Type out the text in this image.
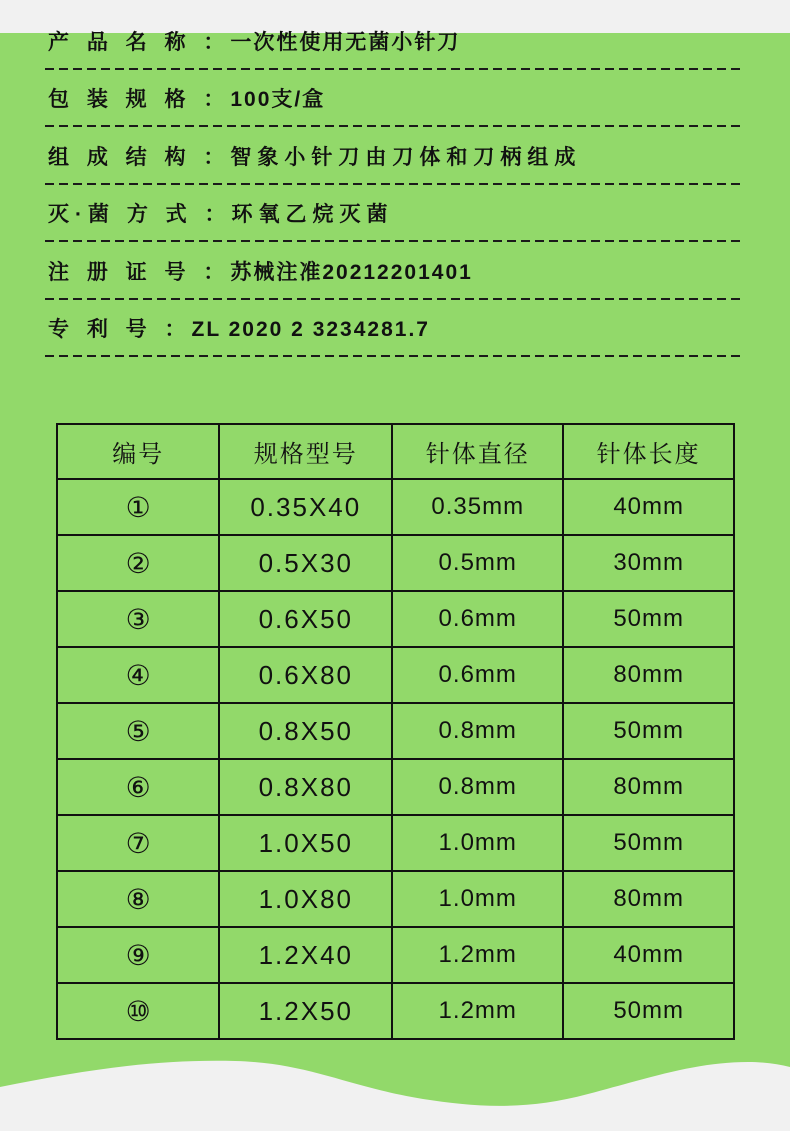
产 品 名 称 ：一次性使用无菌小针刀
包 装 规 格 ：100支/盒
组 成 结 构 ：智象小针刀由刀体和刀柄组成
灭·菌 方 式 ：环氧乙烷灭菌
注 册 证 号 ：苏械注准20212201401
专 利 号 ：ZL 2020 2 3234281.7
编号	规格型号	针体直径	针体长度
①	0.35X40	0.35mm	40mm
②	0.5X30	0.5mm	30mm
③	0.6X50	0.6mm	50mm
④	0.6X80	0.6mm	80mm
⑤	0.8X50	0.8mm	50mm
⑥	0.8X80	0.8mm	80mm
⑦	1.0X50	1.0mm	50mm
⑧	1.0X80	1.0mm	80mm
⑨	1.2X40	1.2mm	40mm
⑩	1.2X50	1.2mm	50mm
